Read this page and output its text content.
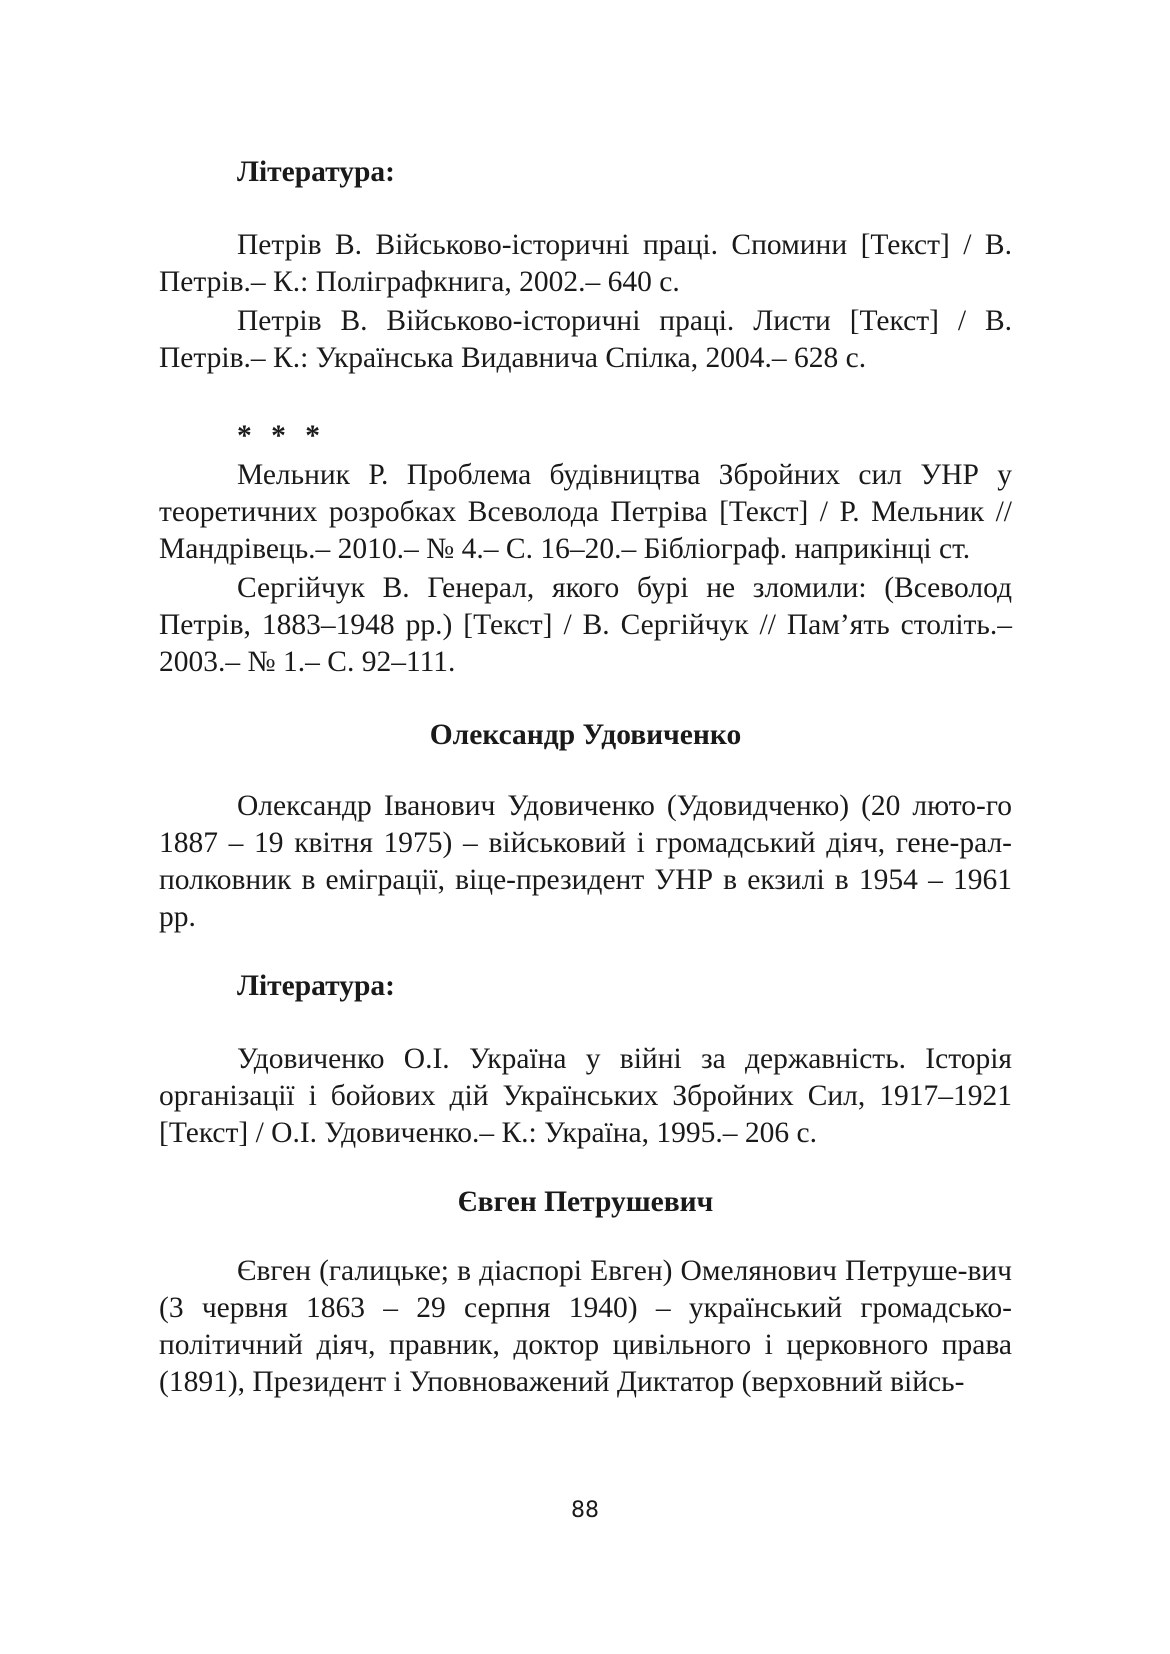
Література:

Петрів В. Військово-історичні праці. Спомини [Текст] / В. Петрів.– К.: Поліграфкнига, 2002.– 640 с.

Петрів В. Військово-історичні праці. Листи [Текст] / В. Петрів.– К.: Українська Видавнича Спілка, 2004.– 628 с.

* * *

Мельник Р. Проблема будівництва Збройних сил УНР у теоретичних розробках Всеволода Петріва [Текст] / Р. Мельник // Мандрівець.– 2010.– № 4.– С. 16–20.– Бібліограф. наприкінці ст.

Сергійчук В. Генерал, якого бурі не зломили: (Всеволод Петрів, 1883–1948 рр.) [Текст] / В. Сергійчук // Пам’ять століть.– 2003.– № 1.– С. 92–111.

Олександр Удовиченко

Олександр Іванович Удовиченко (Удовидченко) (20 люто-го 1887 – 19 квітня 1975) – військовий і громадський діяч, гене-рал-полковник в еміграції, віце-президент УНР в екзилі в 1954 – 1961 рр.

Література:

Удовиченко О.І. Україна у війні за державність. Історія організації і бойових дій Українських Збройних Сил, 1917–1921 [Текст] / О.І. Удовиченко.– К.: Україна, 1995.– 206 с.

Євген Петрушевич

Євген (галицьке; в діаспорі Евген) Омелянович Петруше-вич (3 червня 1863 – 29 серпня 1940) – український громадсько-політичний діяч, правник, доктор цивільного і церковного права (1891), Президент і Уповноважений Диктатор (верховний війсь-

88
